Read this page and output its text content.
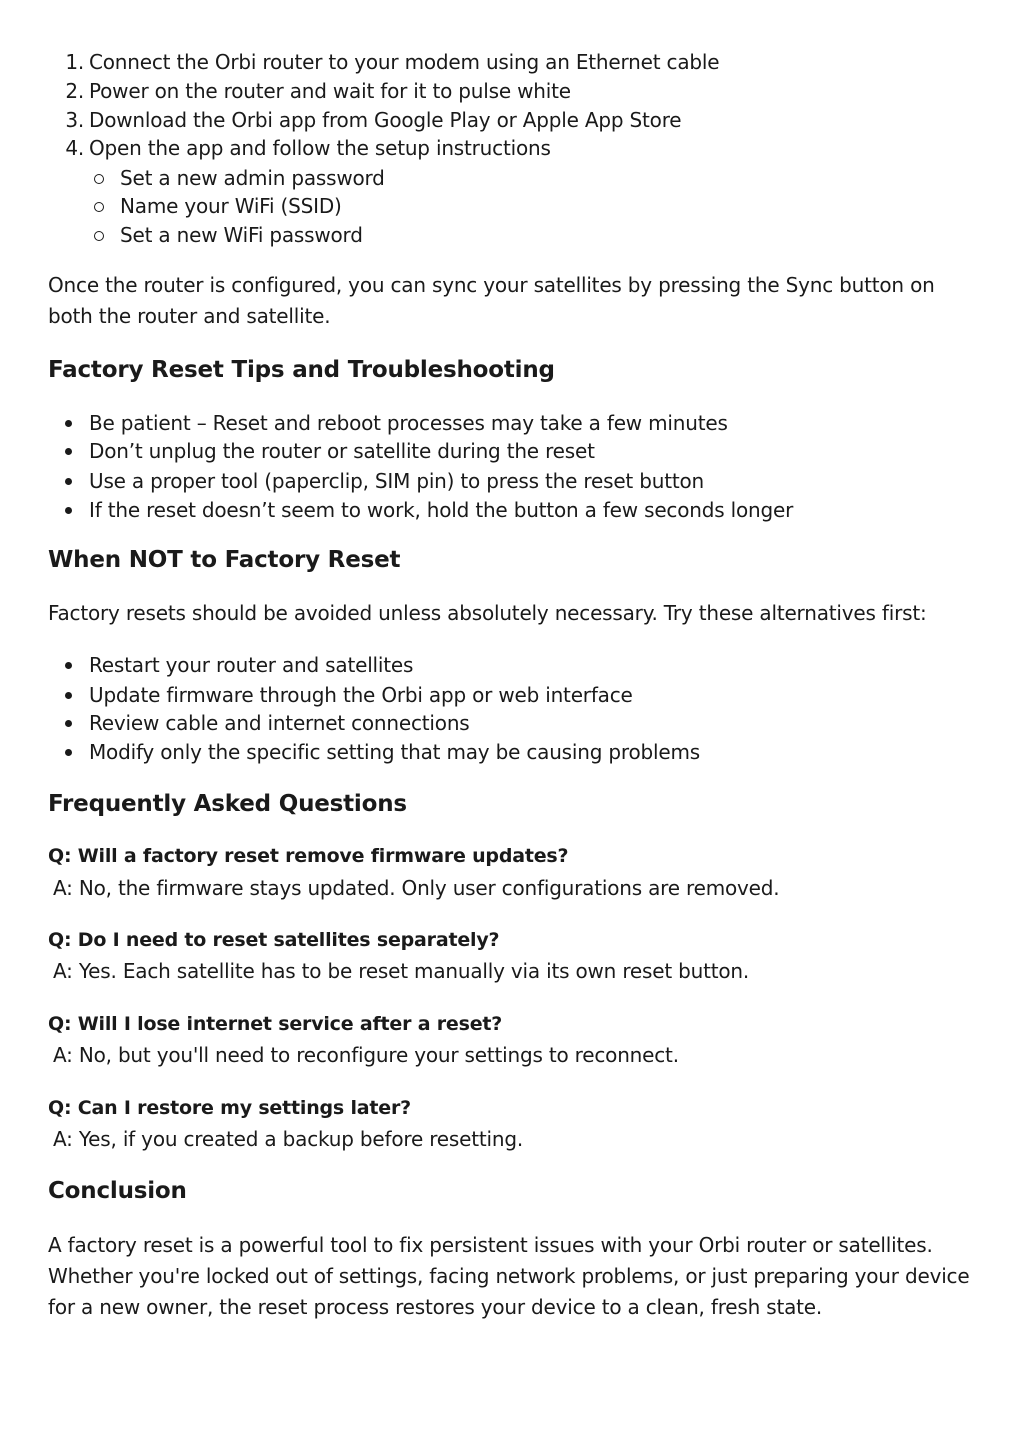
1. Connect the Orbi router to your modem using an Ethernet cable
2. Power on the router and wait for it to pulse white
3. Download the Orbi app from Google Play or Apple App Store
4. Open the app and follow the setup instructions
Set a new admin password
Name your WiFi (SSID)
Set a new WiFi password
Once the router is configured, you can sync your satellites by pressing the Sync button on both the router and satellite.
Factory Reset Tips and Troubleshooting
Be patient – Reset and reboot processes may take a few minutes
Don’t unplug the router or satellite during the reset
Use a proper tool (paperclip, SIM pin) to press the reset button
If the reset doesn’t seem to work, hold the button a few seconds longer
When NOT to Factory Reset
Factory resets should be avoided unless absolutely necessary. Try these alternatives first:
Restart your router and satellites
Update firmware through the Orbi app or web interface
Review cable and internet connections
Modify only the specific setting that may be causing problems
Frequently Asked Questions
Q: Will a factory reset remove firmware updates?
A: No, the firmware stays updated. Only user configurations are removed.
Q: Do I need to reset satellites separately?
A: Yes. Each satellite has to be reset manually via its own reset button.
Q: Will I lose internet service after a reset?
A: No, but you'll need to reconfigure your settings to reconnect.
Q: Can I restore my settings later?
A: Yes, if you created a backup before resetting.
Conclusion
A factory reset is a powerful tool to fix persistent issues with your Orbi router or satellites. Whether you're locked out of settings, facing network problems, or just preparing your device for a new owner, the reset process restores your device to a clean, fresh state.
